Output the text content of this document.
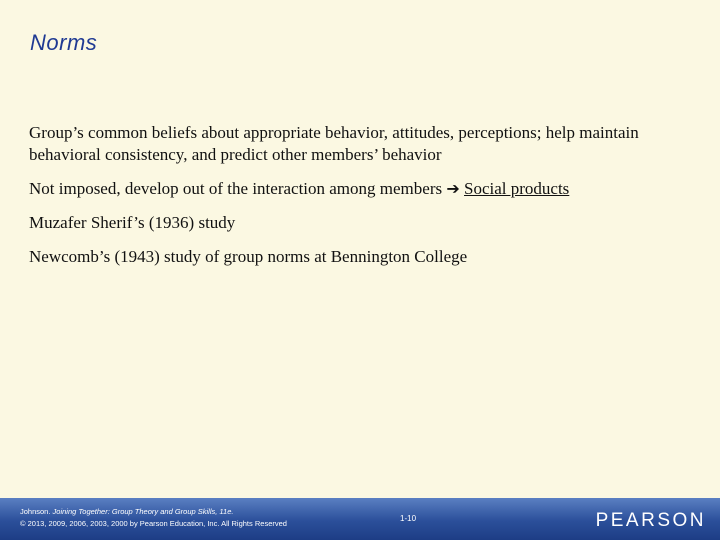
Norms
Group’s common beliefs about appropriate behavior, attitudes, perceptions; help maintain behavioral consistency, and predict other members’ behavior
Not imposed, develop out of the interaction among members ➔ Social products
Muzafer Sherif’s (1936) study
Newcomb’s (1943) study of group norms at Bennington College
Johnson. Joining Together: Group Theory and Group Skills, 11e.
© 2013, 2009, 2006, 2003, 2000 by Pearson Education, Inc. All Rights Reserved
1-10	PEARSON
